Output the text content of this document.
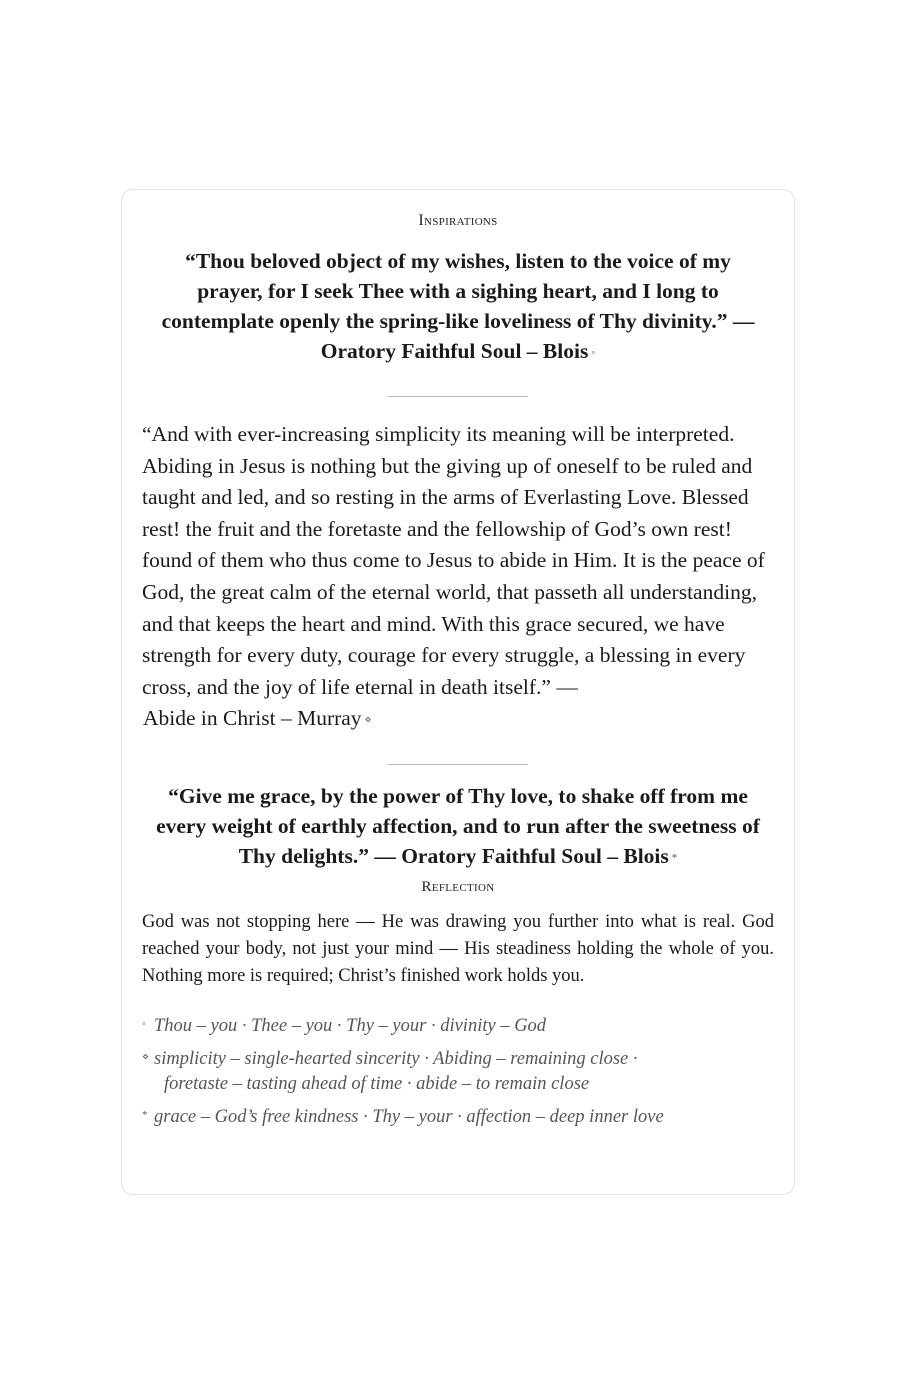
Inspirations
“Thou beloved object of my wishes, listen to the voice of my prayer, for I seek Thee with a sighing heart, and I long to contemplate openly the spring-like loveliness of Thy divinity.” — Oratory Faithful Soul – Blois ◦
“And with ever-increasing simplicity its meaning will be interpreted. Abiding in Jesus is nothing but the giving up of oneself to be ruled and taught and led, and so resting in the arms of Everlasting Love. Blessed rest! the fruit and the foretaste and the fellowship of God’s own rest! found of them who thus come to Jesus to abide in Him. It is the peace of God, the great calm of the eternal world, that passeth all understanding, and that keeps the heart and mind. With this grace secured, we have strength for every duty, courage for every struggle, a blessing in every cross, and the joy of life eternal in death itself.” —
Abide in Christ – Murray ⋄
“Give me grace, by the power of Thy love, to shake off from me every weight of earthly affection, and to run after the sweetness of Thy delights.” — Oratory Faithful Soul – Blois *
Reflection
God was not stopping here — He was drawing you further into what is real. God reached your body, not just your mind — His steadiness holding the whole of you. Nothing more is required; Christ’s finished work holds you.
◦ Thou – you · Thee – you · Thy – your · divinity – God
⋄ simplicity – single-hearted sincerity · Abiding – remaining close ·
foretaste – tasting ahead of time · abide – to remain close
* grace – God’s free kindness · Thy – your · affection – deep inner love
